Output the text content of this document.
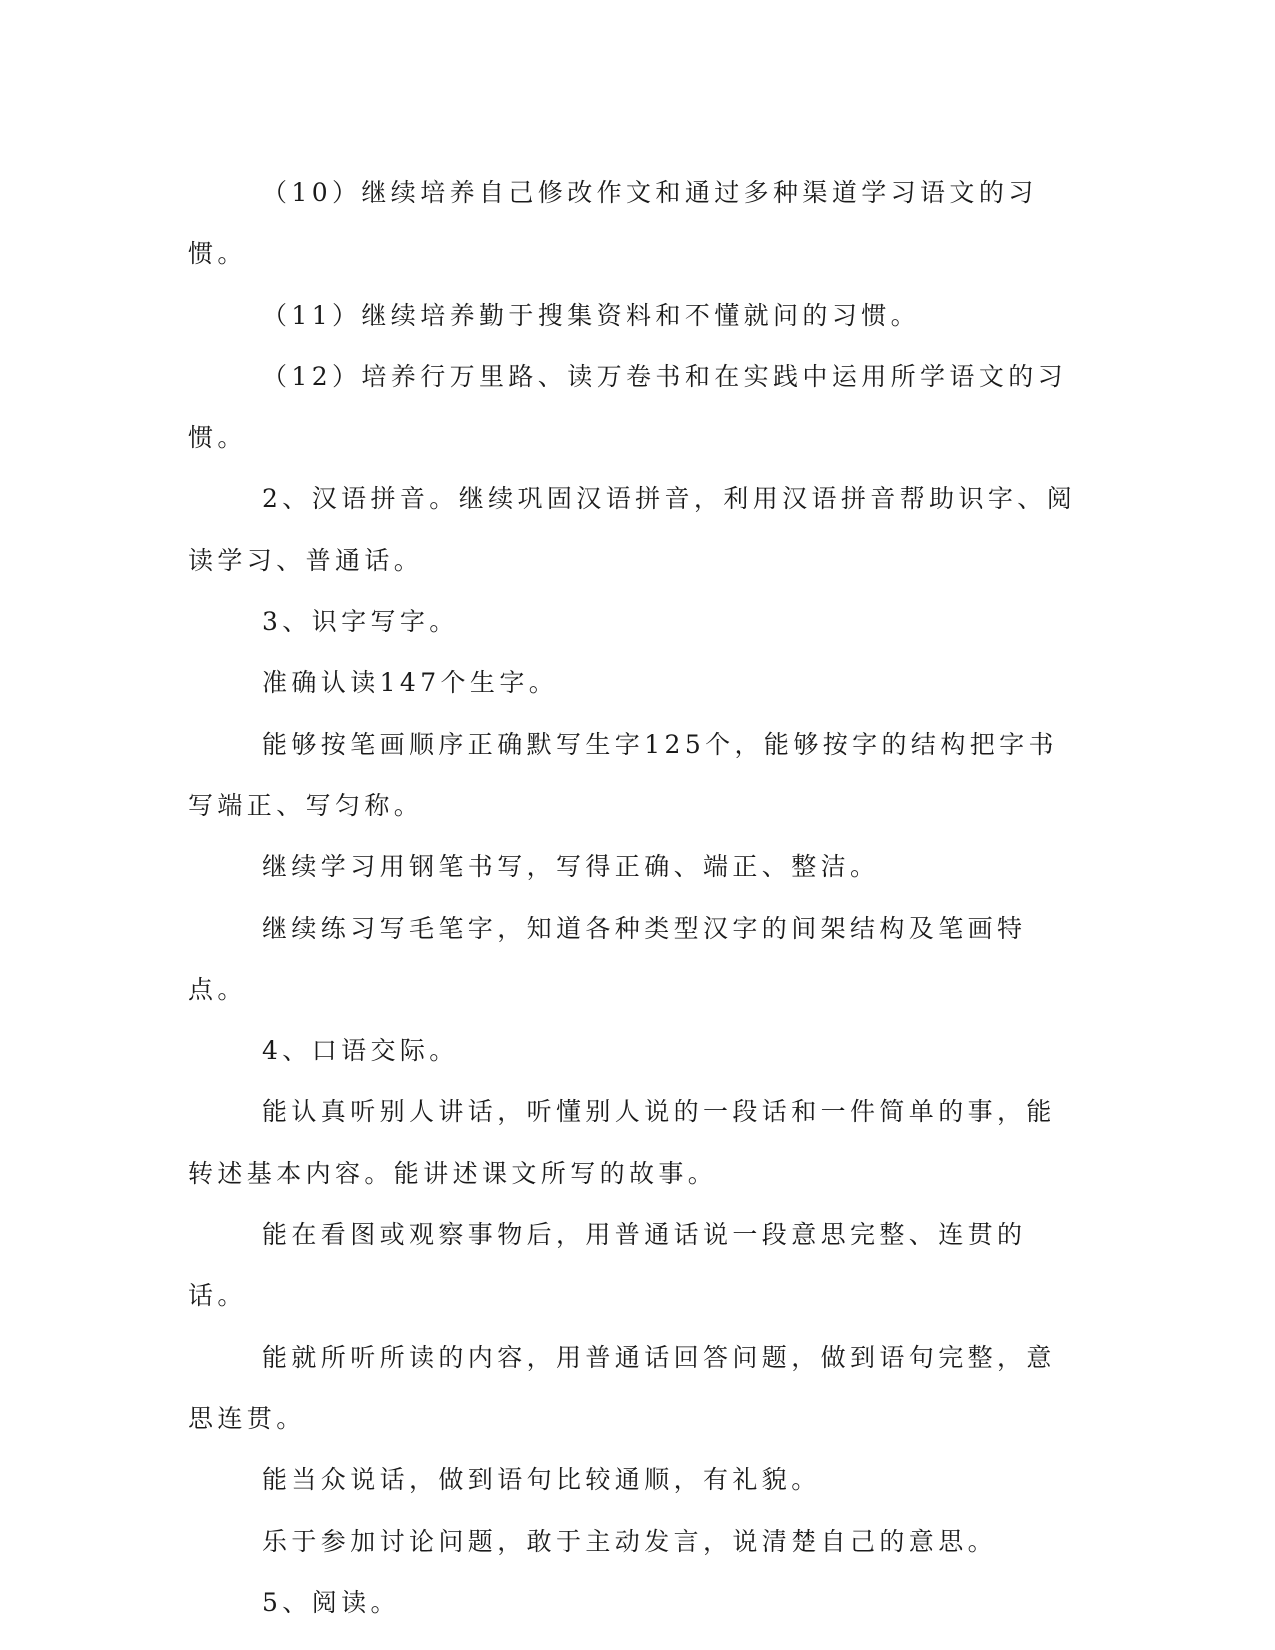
（10）继续培养自己修改作文和通过多种渠道学习语文的习惯。

（11）继续培养勤于搜集资料和不懂就问的习惯。

（12）培养行万里路、读万卷书和在实践中运用所学语文的习惯。

2、汉语拼音。继续巩固汉语拼音，利用汉语拼音帮助识字、阅读学习、普通话。

3、识字写字。

准确认读147个生字。

能够按笔画顺序正确默写生字125个，能够按字的结构把字书写端正、写匀称。

继续学习用钢笔书写，写得正确、端正、整洁。

继续练习写毛笔字，知道各种类型汉字的间架结构及笔画特点。

4、口语交际。

能认真听别人讲话，听懂别人说的一段话和一件简单的事，能转述基本内容。能讲述课文所写的故事。

能在看图或观察事物后，用普通话说一段意思完整、连贯的话。

能就所听所读的内容，用普通话回答问题，做到语句完整，意思连贯。

能当众说话，做到语句比较通顺，有礼貌。

乐于参加讨论问题，敢于主动发言，说清楚自己的意思。

5、阅读。
